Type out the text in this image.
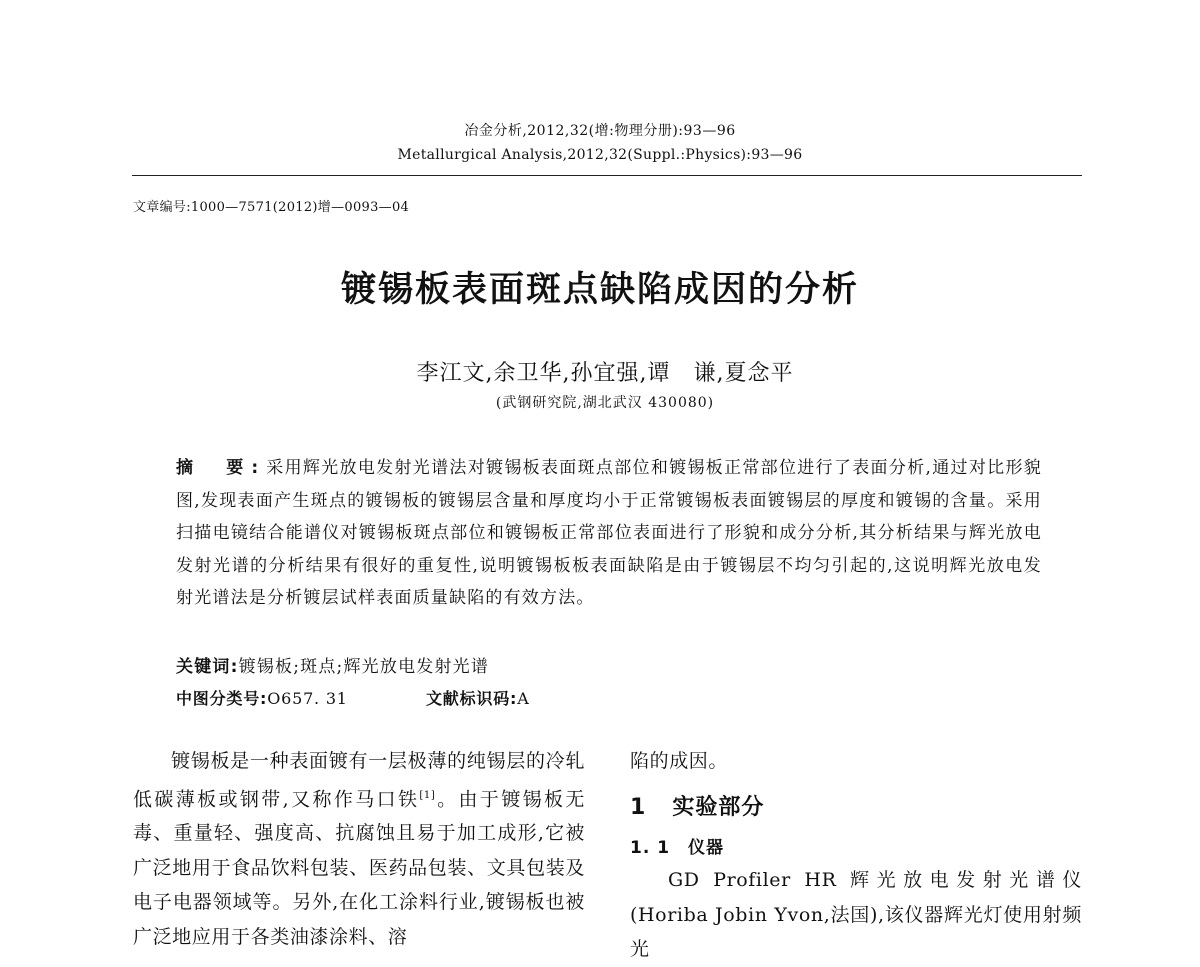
冶金分析,2012,32(增:物理分册):93—96
Metallurgical Analysis,2012,32(Suppl.:Physics):93—96
文章编号:1000—7571(2012)增—0093—04
镀锡板表面斑点缺陷成因的分析
李江文,余卫华,孙宜强,谭　谦,夏念平
(武钢研究院,湖北武汉 430080)
摘　要:采用辉光放电发射光谱法对镀锡板表面斑点部位和镀锡板正常部位进行了表面分析,通过对比形貌图,发现表面产生斑点的镀锡板的镀锡层含量和厚度均小于正常镀锡板表面镀锡层的厚度和镀锡的含量。采用扫描电镜结合能谱仪对镀锡板斑点部位和镀锡板正常部位表面进行了形貌和成分分析,其分析结果与辉光放电发射光谱的分析结果有很好的重复性,说明镀锡板板表面缺陷是由于镀锡层不均匀引起的,这说明辉光放电发射光谱法是分析镀层试样表面质量缺陷的有效方法。
关键词:镀锡板;斑点;辉光放电发射光谱
中图分类号:O657. 31	文献标识码:A

镀锡板是一种表面镀有一层极薄的纯锡层的冷轧低碳薄板或钢带,又称作马口铁[1]。由于镀锡板无毒、重量轻、强度高、抗腐蚀且易于加工成形,它被广泛地用于食品饮料包装、医药品包装、文具包装及电子电器领域等。另外,在化工涂料行业,镀锡板也被广泛地应用于各类油漆涂料、溶

陷的成因。

1 实验部分
1. 1 仪器

GD Profiler HR 辉光放电发射光谱仪(Horiba Jobin Yvon,法国),该仪器辉光灯使用射频光
